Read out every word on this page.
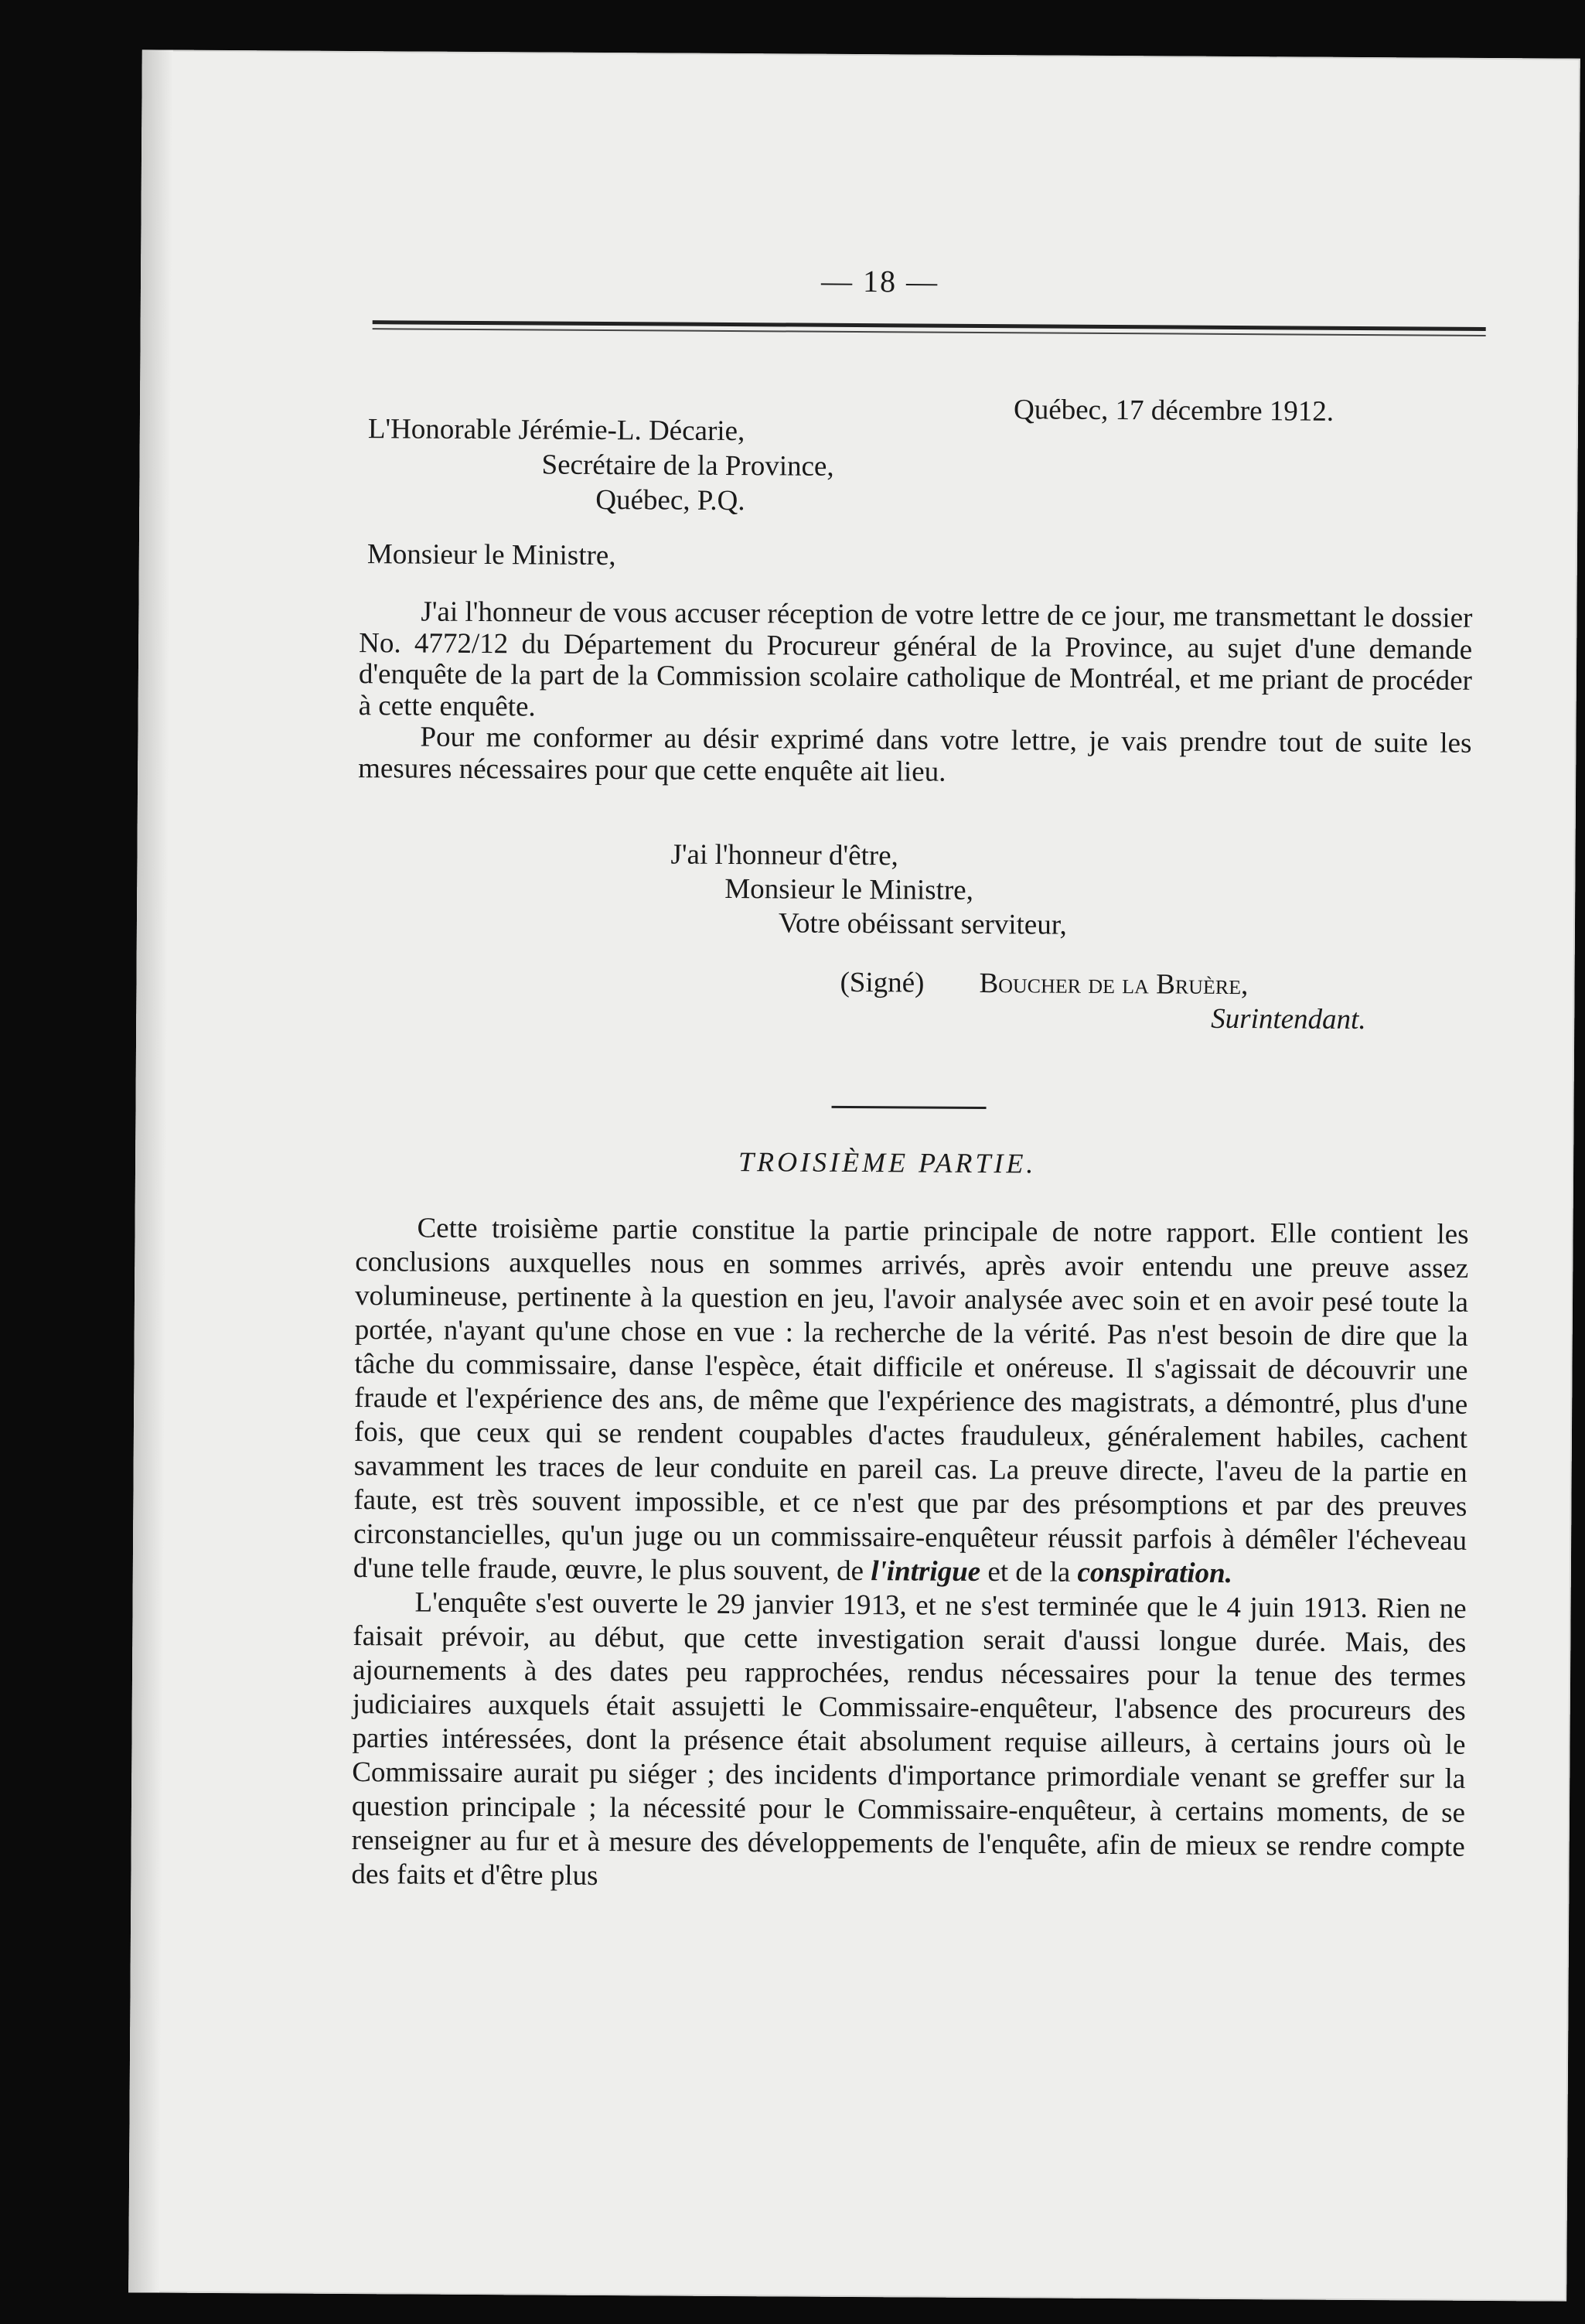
— 18 —
Québec, 17 décembre 1912.
L'Honorable Jérémie-L. Décarie,
Secrétaire de la Province,
Québec, P.Q.
Monsieur le Ministre,

J'ai l'honneur de vous accuser réception de votre lettre de ce jour, me transmettant le dossier No. 4772/12 du Département du Procureur général de la Province, au sujet d'une demande d'enquête de la part de la Commission scolaire catholique de Montréal, et me priant de procéder à cette enquête.

Pour me conformer au désir exprimé dans votre lettre, je vais prendre tout de suite les mesures nécessaires pour que cette enquête ait lieu.

J'ai l'honneur d'être,
Monsieur le Ministre,
Votre obéissant serviteur,
(Signé) Boucher de la Bruère,
Surintendant.
TROISIÈME PARTIE.

Cette troisième partie constitue la partie principale de notre rapport. Elle contient les conclusions auxquelles nous en sommes arrivés, après avoir entendu une preuve assez volumineuse, pertinente à la question en jeu, l'avoir analysée avec soin et en avoir pesé toute la portée, n'ayant qu'une chose en vue : la recherche de la vérité. Pas n'est besoin de dire que la tâche du commissaire, danse l'espèce, était difficile et onéreuse. Il s'agissait de découvrir une fraude et l'expérience des ans, de même que l'expérience des magistrats, a démontré, plus d'une fois, que ceux qui se rendent coupables d'actes frauduleux, généralement habiles, cachent savamment les traces de leur conduite en pareil cas. La preuve directe, l'aveu de la partie en faute, est très souvent impossible, et ce n'est que par des présomptions et par des preuves circonstancielles, qu'un juge ou un commissaire-enquêteur réussit parfois à démêler l'écheveau d'une telle fraude, œuvre, le plus souvent, de l'intrigue et de la conspiration.

L'enquête s'est ouverte le 29 janvier 1913, et ne s'est terminée que le 4 juin 1913. Rien ne faisait prévoir, au début, que cette investigation serait d'aussi longue durée. Mais, des ajournements à des dates peu rapprochées, rendus nécessaires pour la tenue des termes judiciaires auxquels était assujetti le Commissaire-enquêteur, l'absence des procureurs des parties intéressées, dont la présence était absolument requise ailleurs, à certains jours où le Commissaire aurait pu siéger ; des incidents d'importance primordiale venant se greffer sur la question principale ; la nécessité pour le Commissaire-enquêteur, à certains moments, de se renseigner au fur et à mesure des développements de l'enquête, afin de mieux se rendre compte des faits et d'être plus
